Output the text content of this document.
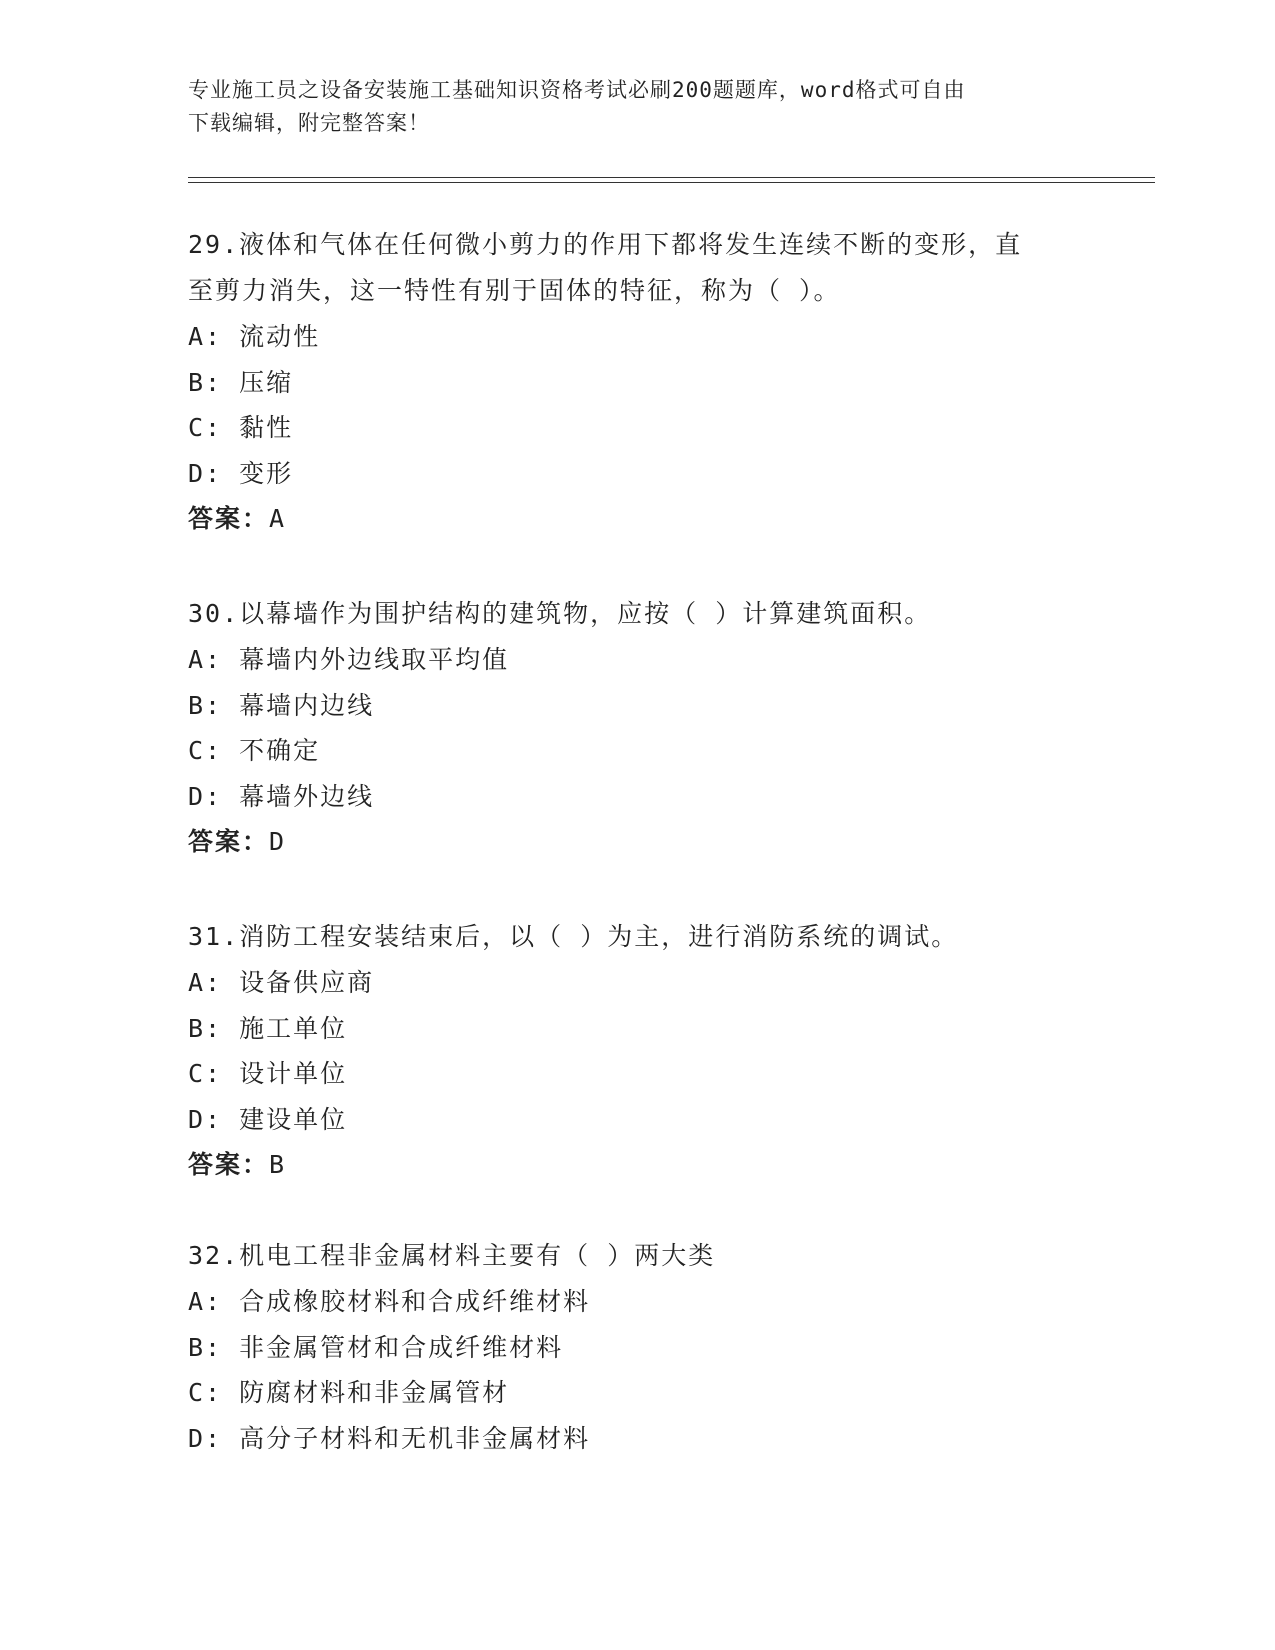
专业施工员之设备安装施工基础知识资格考试必刷200题题库，word格式可自由
下载编辑，附完整答案！

29.液体和气体在任何微小剪力的作用下都将发生连续不断的变形，直

至剪力消失，这一特性有别于固体的特征，称为（ ）。

A: 流动性

B: 压缩

C: 黏性

D: 变形

答案：A

30.以幕墙作为围护结构的建筑物，应按（ ）计算建筑面积。

A: 幕墙内外边线取平均值

B: 幕墙内边线

C: 不确定

D: 幕墙外边线

答案：D

31.消防工程安装结束后，以（ ）为主，进行消防系统的调试。

A: 设备供应商

B: 施工单位

C: 设计单位

D: 建设单位

答案：B

32.机电工程非金属材料主要有（ ）两大类

A: 合成橡胶材料和合成纤维材料

B: 非金属管材和合成纤维材料

C: 防腐材料和非金属管材

D: 高分子材料和无机非金属材料
